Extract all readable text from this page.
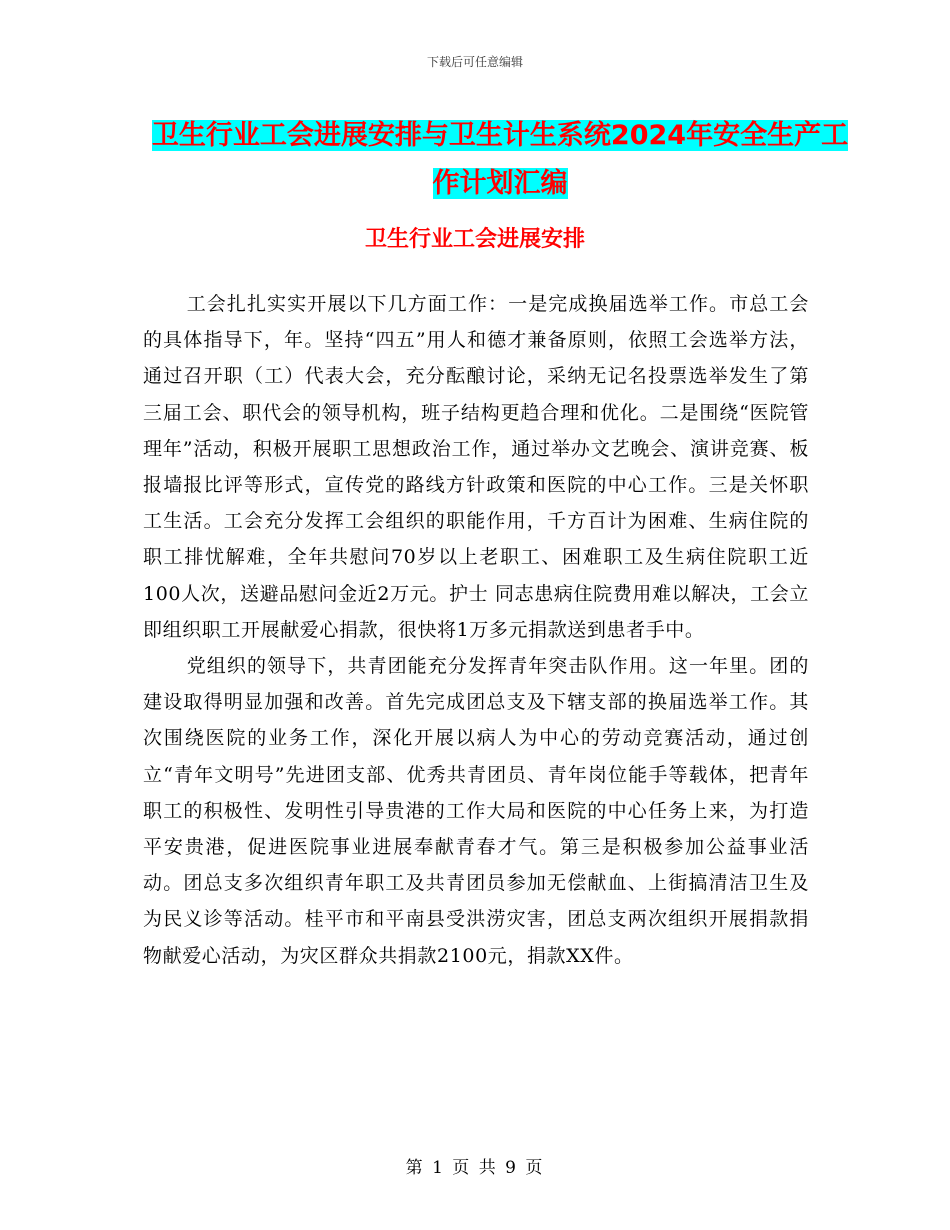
下载后可任意编辑
卫生行业工会进展安排与卫生计生系统2024年安全生产工作计划汇编
卫生行业工会进展安排

工会扎扎实实开展以下几方面工作：一是完成换届选举工作。市总工会的具体指导下，年。坚持“四五”用人和德才兼备原则，依照工会选举方法，通过召开职（工）代表大会，充分酝酿讨论，采纳无记名投票选举发生了第三届工会、职代会的领导机构，班子结构更趋合理和优化。二是围绕“医院管理年”活动，积极开展职工思想政治工作，通过举办文艺晚会、演讲竞赛、板报墙报比评等形式，宣传党的路线方针政策和医院的中心工作。三是关怀职工生活。工会充分发挥工会组织的职能作用，千方百计为困难、生病住院的职工排忧解难，全年共慰问70岁以上老职工、困难职工及生病住院职工近100人次，送避品慰问金近2万元。护士 同志患病住院费用难以解决，工会立即组织职工开展献爱心捐款，很快将1万多元捐款送到患者手中。

党组织的领导下，共青团能充分发挥青年突击队作用。这一年里。团的建设取得明显加强和改善。首先完成团总支及下辖支部的换届选举工作。其次围绕医院的业务工作，深化开展以病人为中心的劳动竞赛活动，通过创立“青年文明号”先进团支部、优秀共青团员、青年岗位能手等载体，把青年职工的积极性、发明性引导贵港的工作大局和医院的中心任务上来，为打造平安贵港，促进医院事业进展奉献青春才气。第三是积极参加公益事业活动。团总支多次组织青年职工及共青团员参加无偿献血、上街搞清洁卫生及为民义诊等活动。桂平市和平南县受洪涝灾害，团总支两次组织开展捐款捐物献爱心活动，为灾区群众共捐款2100元，捐款XX件。

第 1 页 共 9 页
